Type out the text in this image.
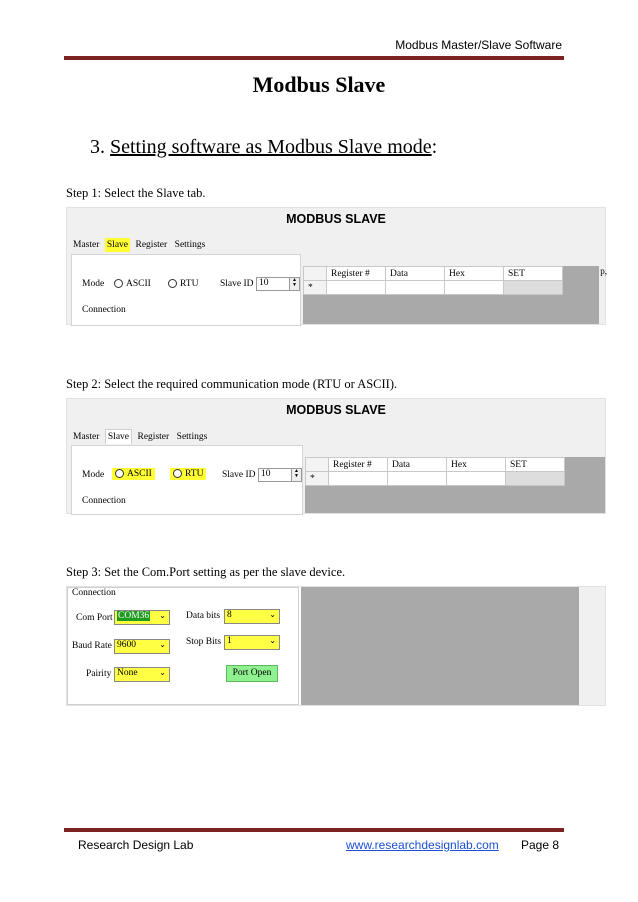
Modbus Master/Slave Software
Modbus Slave
3. Setting software as Modbus Slave mode:
Step 1: Select the Slave tab.
MODBUS SLAVE
p,
Master Slave Register Settings
Mode	ASCII	RTU Slave ID 10	▲
▼
Connection
	Register #	Data	Hex	SET
*				
Step 2: Select the required communication mode (RTU or ASCII).
MODBUS SLAVE
Master Slave Register Settings
Mode	ASCII	RTU	Slave ID 10	▲
▼
Connection
	Register #	Data	Hex	SET
*				
Step 3: Set the Com.Port setting as per the slave device.
Connection
Com Port COM36 ⌄
Baud Rate 9600	⌄
Pairity None	⌄
Data bits 8	⌄
Stop Bits 1	⌄
Port Open
Research Design Lab	www.researchdesignlab.com Page 8
